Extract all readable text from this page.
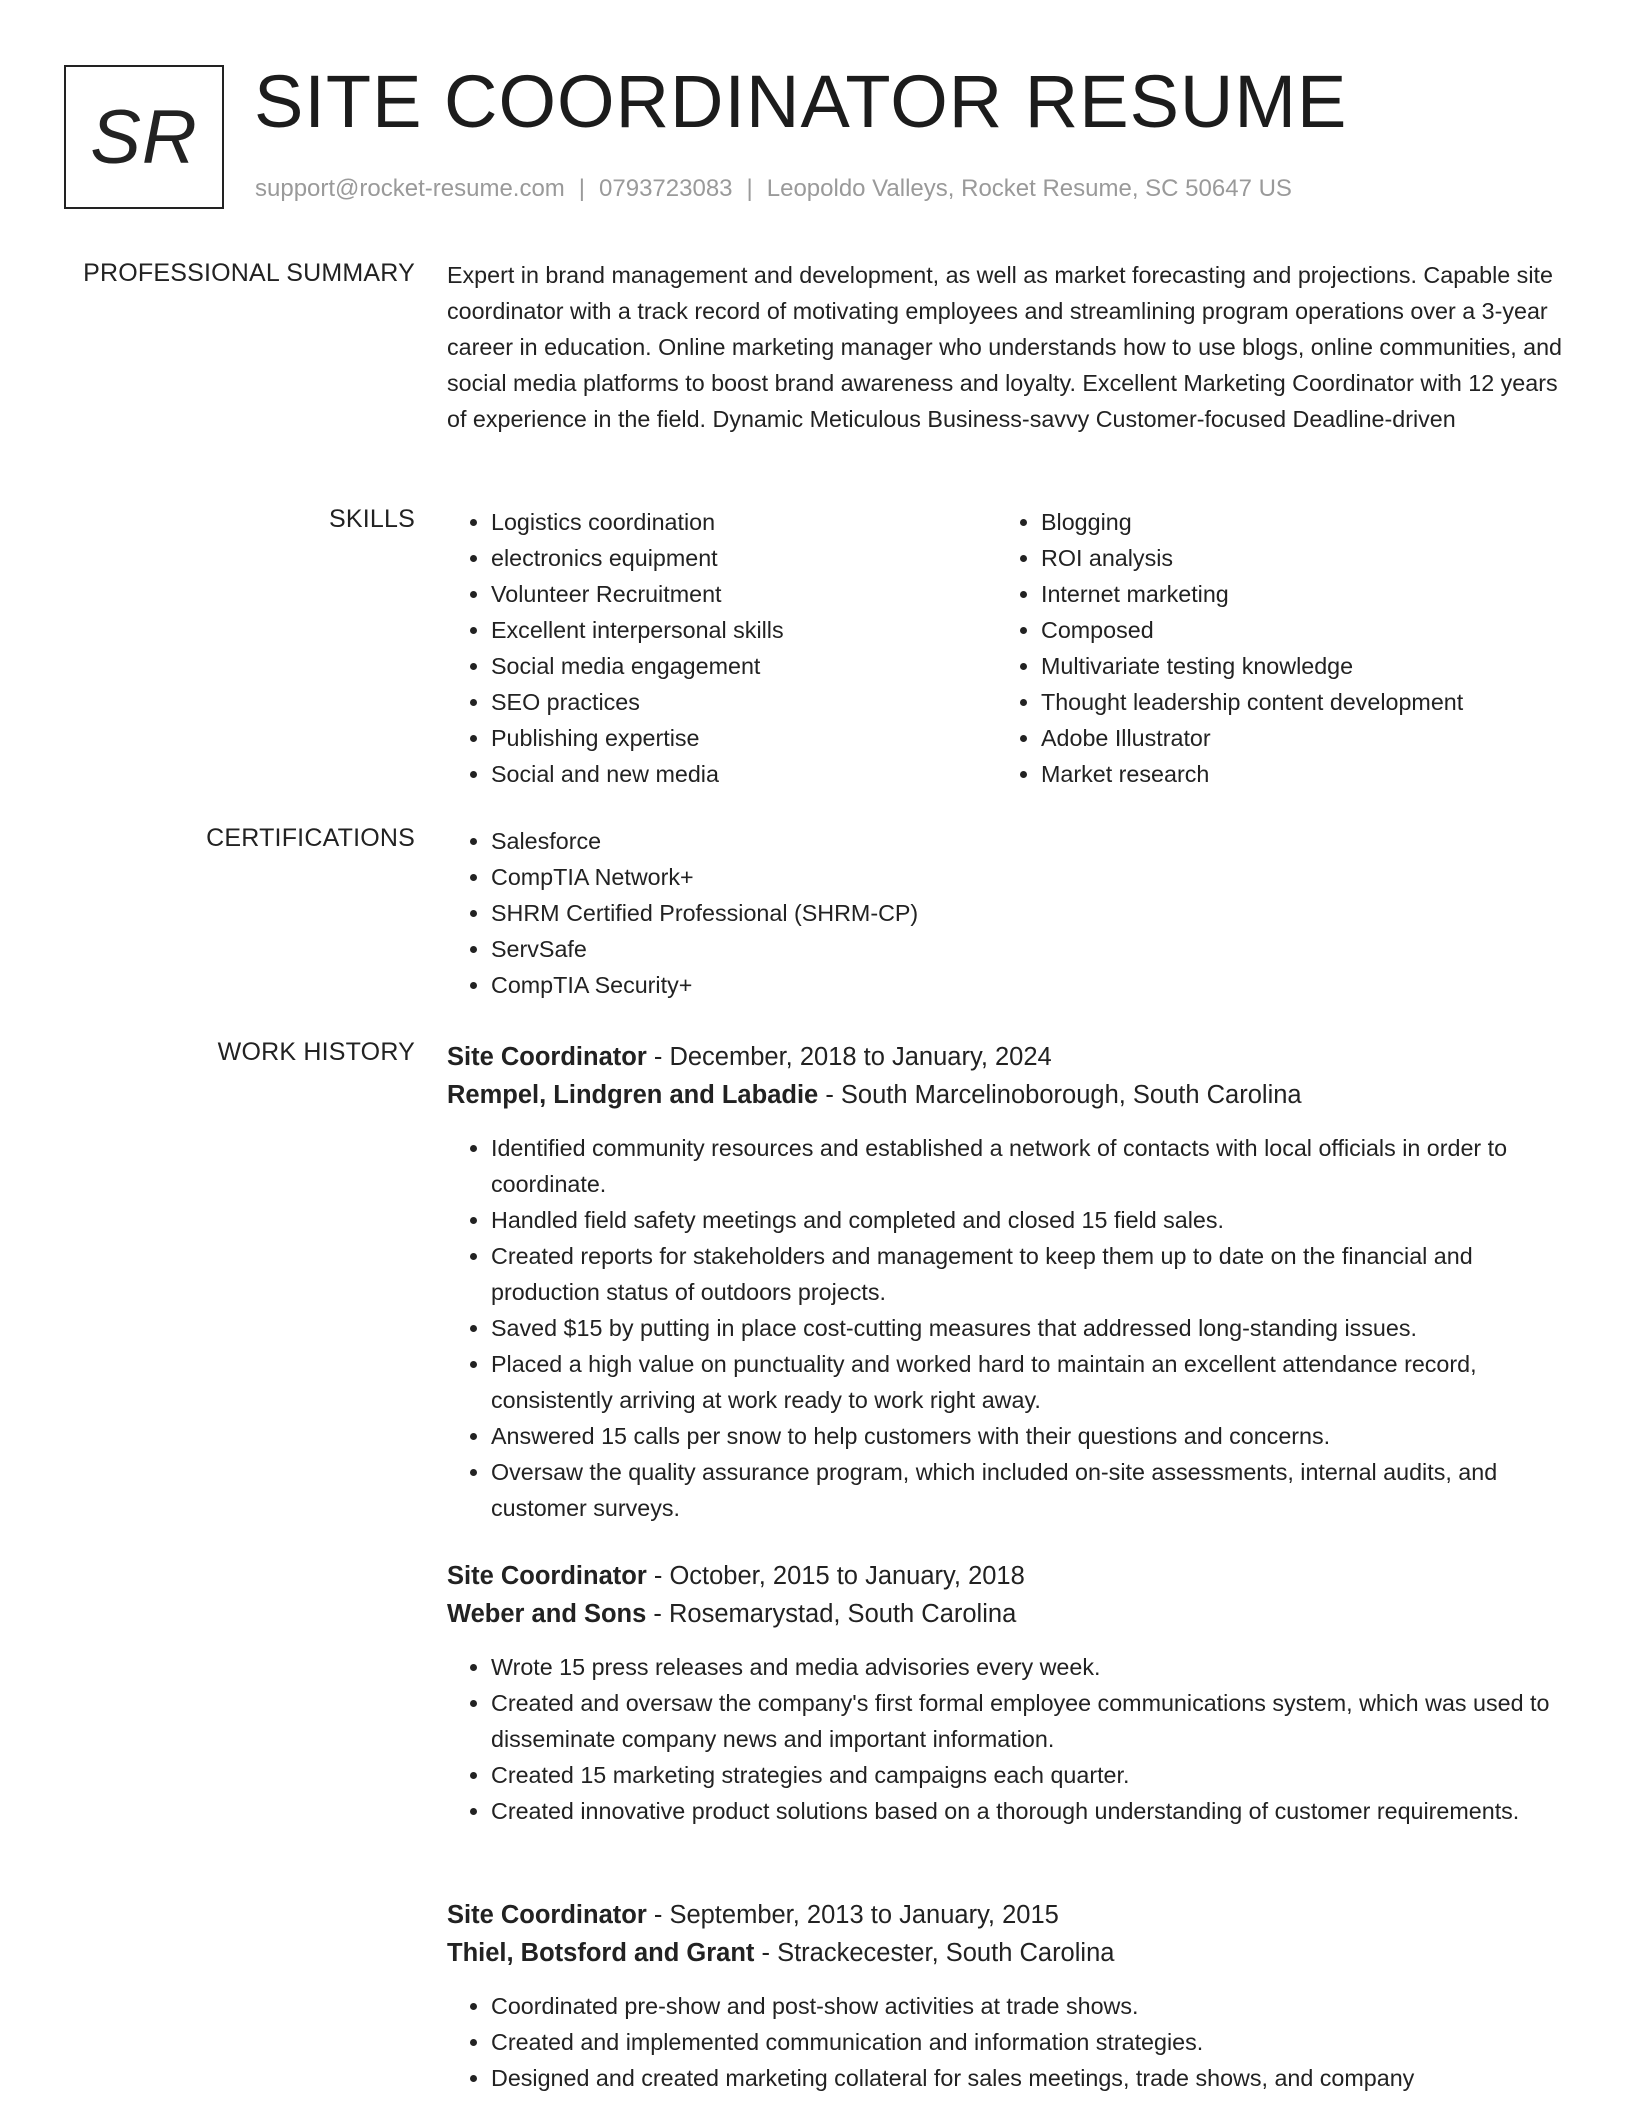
SR SITE COORDINATOR RESUME
support@rocket-resume.com | 0793723083 | Leopoldo Valleys, Rocket Resume, SC 50647 US
PROFESSIONAL SUMMARY Expert in brand management and development, as well as market forecasting and projections. Capable site coordinator with a track record of motivating employees and streamlining program operations over a 3-year career in education. Online marketing manager who understands how to use blogs, online communities, and social media platforms to boost brand awareness and loyalty. Excellent Marketing Coordinator with 12 years of experience in the field. Dynamic Meticulous Business-savvy Customer-focused Deadline-driven

SKILLS	• Logistics coordination
• electronics equipment
• Volunteer Recruitment
• Excellent interpersonal skills
• Social media engagement
• SEO practices
• Publishing expertise
• Social and new media
• Blogging
• ROI analysis
• Internet marketing
• Composed
• Multivariate testing knowledge
• Thought leadership content development
• Adobe Illustrator
• Market research
CERTIFICATIONS	• Salesforce
• CompTIA Network+
• SHRM Certified Professional (SHRM-CP)
• ServSafe
• CompTIA Security+
WORK HISTORY Site Coordinator - December, 2018 to January, 2024
Rempel, Lindgren and Labadie - South Marcelinoborough, South Carolina
• Identified community resources and established a network of contacts with local officials in order to coordinate.
• Handled field safety meetings and completed and closed 15 field sales.
• Created reports for stakeholders and management to keep them up to date on the financial and production status of outdoors projects.
• Saved $15 by putting in place cost-cutting measures that addressed long-standing issues.
• Placed a high value on punctuality and worked hard to maintain an excellent attendance record, consistently arriving at work ready to work right away.
• Answered 15 calls per snow to help customers with their questions and concerns.
• Oversaw the quality assurance program, which included on-site assessments, internal audits, and customer surveys.
Site Coordinator - October, 2015 to January, 2018
Weber and Sons - Rosemarystad, South Carolina
• Wrote 15 press releases and media advisories every week.
• Created and oversaw the company's first formal employee communications system, which was used to disseminate company news and important information.
• Created 15 marketing strategies and campaigns each quarter.
• Created innovative product solutions based on a thorough understanding of customer requirements.
Site Coordinator - September, 2013 to January, 2015
Thiel, Botsford and Grant - Strackecester, South Carolina
• Coordinated pre-show and post-show activities at trade shows.
• Created and implemented communication and information strategies.
• Designed and created marketing collateral for sales meetings, trade shows, and company
